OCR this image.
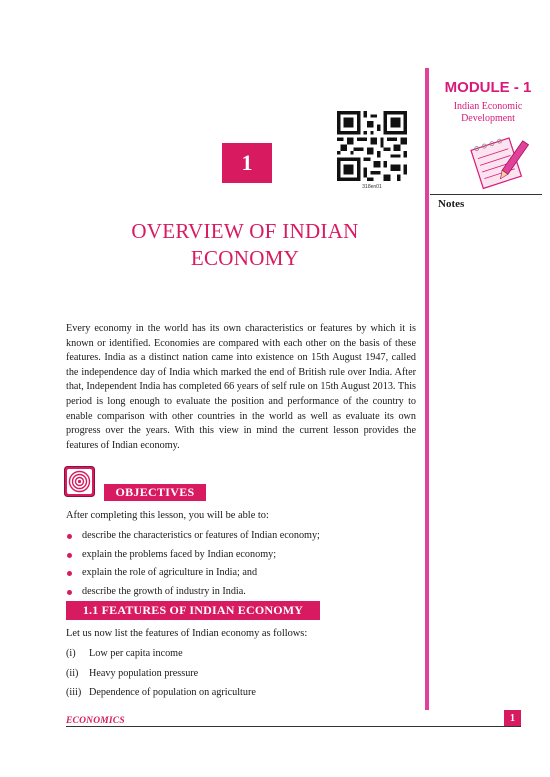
MODULE - 1
Indian Economic
Development
Notes
318en01
1
OVERVIEW OF INDIAN
ECONOMY
Every economy in the world has its own characteristics or features by which it is known or identified. Economies are compared with each other on the basis of these features. India as a distinct nation came into existence on 15th August 1947, called the independence day of India which marked the end of British rule over India. After that, Independent India has completed 66 years of self rule on 15th August 2013. This period is long enough to evaluate the position and performance of the country to enable comparison with other countries in the world as well as evaluate its own progress over the years. With this view in mind the current lesson provides the features of Indian economy.
OBJECTIVES
After completing this lesson, you will be able to:
describe the characteristics or features of Indian economy;
explain the problems faced by Indian economy;
explain the role of agriculture in India; and
describe the growth of industry in India.
1.1 FEATURES OF INDIAN ECONOMY
Let us now list the features of Indian economy as follows:
(i)	Low per capita income
(ii)	Heavy population pressure
(iii) Dependence of population on agriculture
ECONOMICS	1
